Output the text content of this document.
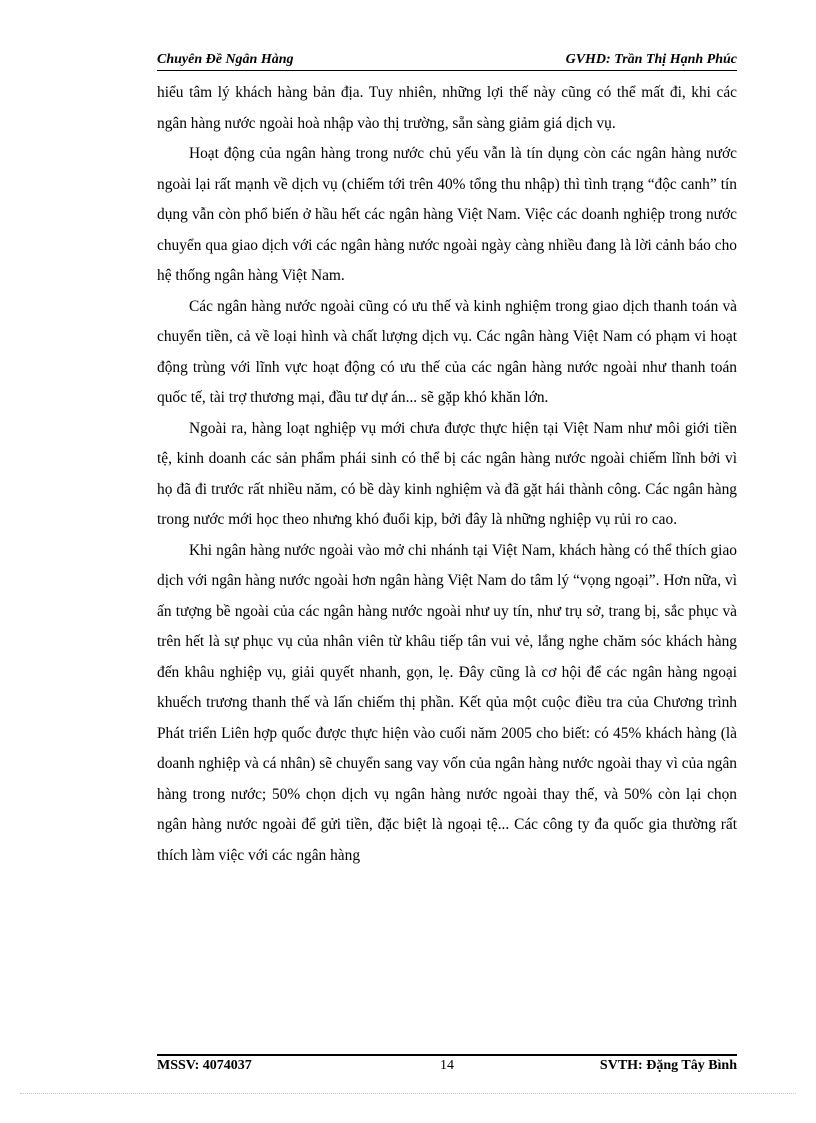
Chuyên Đề Ngân Hàng	GVHD: Trần Thị Hạnh Phúc

hiểu tâm lý khách hàng bản địa. Tuy nhiên, những lợi thế này cũng có thể mất đi, khi các ngân hàng nước ngoài hoà nhập vào thị trường, sẵn sàng giảm giá dịch vụ.

Hoạt động của ngân hàng trong nước chủ yếu vẫn là tín dụng còn các ngân hàng nước ngoài lại rất mạnh về dịch vụ (chiếm tới trên 40% tổng thu nhập) thì tình trạng “độc canh” tín dụng vẫn còn phổ biến ở hầu hết các ngân hàng Việt Nam. Việc các doanh nghiệp trong nước chuyển qua giao dịch với các ngân hàng nước ngoài ngày càng nhiều đang là lời cảnh báo cho hệ thống ngân hàng Việt Nam.

Các ngân hàng nước ngoài cũng có ưu thế và kinh nghiệm trong giao dịch thanh toán và chuyển tiền, cả về loại hình và chất lượng dịch vụ. Các ngân hàng Việt Nam có phạm vi hoạt động trùng với lĩnh vực hoạt động có ưu thế của các ngân hàng nước ngoài như thanh toán quốc tế, tài trợ thương mại, đầu tư dự án... sẽ gặp khó khăn lớn.

Ngoài ra, hàng loạt nghiệp vụ mới chưa được thực hiện tại Việt Nam như môi giới tiền tệ, kinh doanh các sản phẩm phái sinh có thể bị các ngân hàng nước ngoài chiếm lĩnh bởi vì họ đã đi trước rất nhiều năm, có bề dày kinh nghiệm và đã gặt hái thành công. Các ngân hàng trong nước mới học theo nhưng khó đuổi kịp, bởi đây là những nghiệp vụ rủi ro cao.

Khi ngân hàng nước ngoài vào mở chi nhánh tại Việt Nam, khách hàng có thể thích giao dịch với ngân hàng nước ngoài hơn ngân hàng Việt Nam do tâm lý “vọng ngoại”. Hơn nữa, vì ấn tượng bề ngoài của các ngân hàng nước ngoài như uy tín, như trụ sở, trang bị, sắc phục và trên hết là sự phục vụ của nhân viên từ khâu tiếp tân vui vẻ, lắng nghe chăm sóc khách hàng đến khâu nghiệp vụ, giải quyết nhanh, gọn, lẹ. Đây cũng là cơ hội để các ngân hàng ngoại khuếch trương thanh thế và lấn chiếm thị phần. Kết qủa một cuộc điều tra của Chương trình Phát triển Liên hợp quốc được thực hiện vào cuối năm 2005 cho biết: có 45% khách hàng (là doanh nghiệp và cá nhân) sẽ chuyển sang vay vốn của ngân hàng nước ngoài thay vì của ngân hàng trong nước; 50% chọn dịch vụ ngân hàng nước ngoài thay thế, và 50% còn lại chọn ngân hàng nước ngoài để gửi tiền, đặc biệt là ngoại tệ... Các công ty đa quốc gia thường rất thích làm việc với các ngân hàng

MSSV: 4074037	14	SVTH: Đặng Tây Bình
